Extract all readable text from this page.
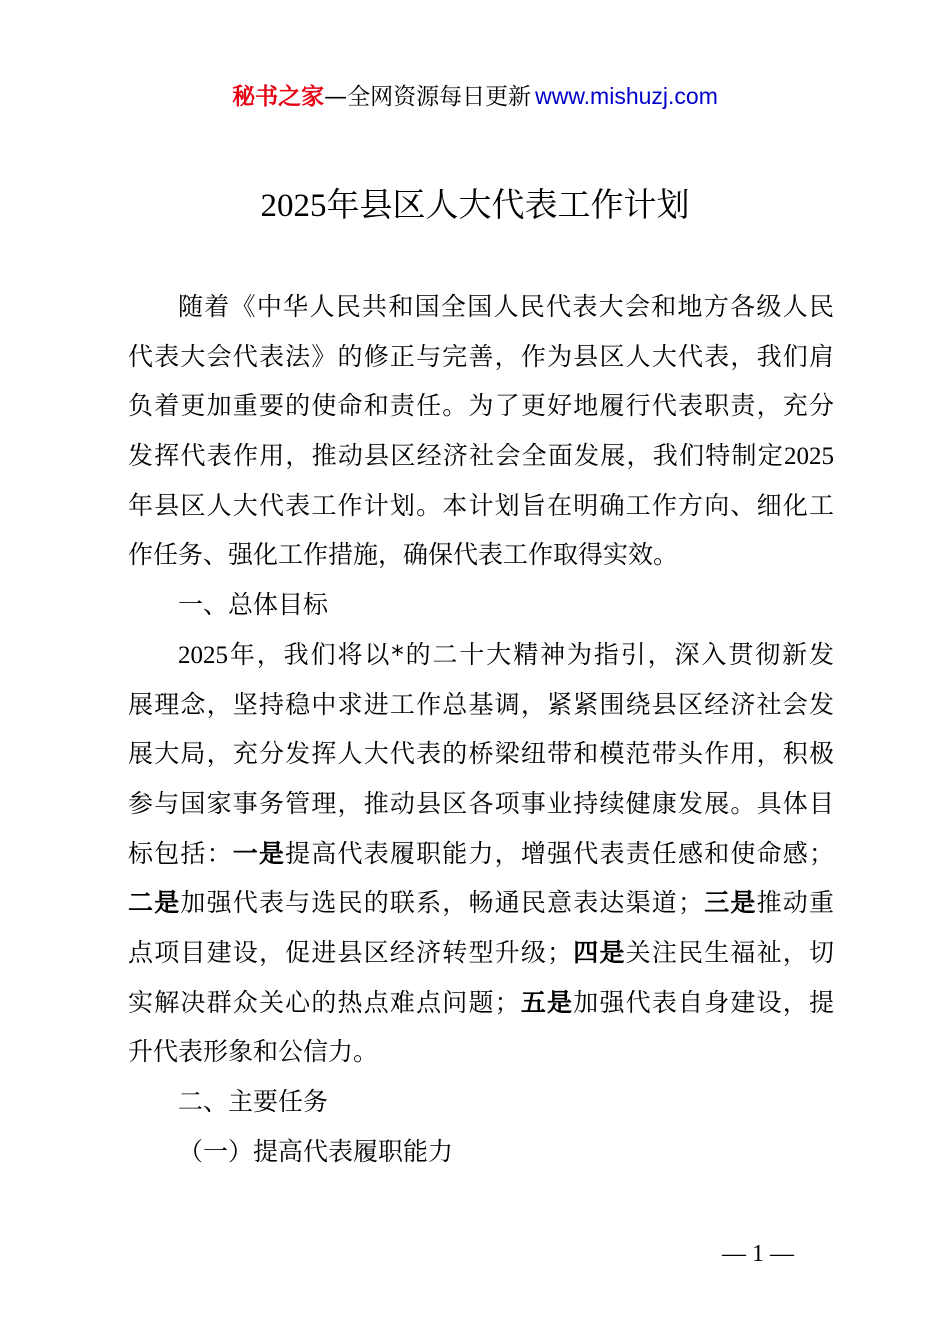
秘书之家—全网资源每日更新 www.mishuzj.com
2025年县区人大代表工作计划
随着《中华人民共和国全国人民代表大会和地方各级人民
代表大会代表法》的修正与完善，作为县区人大代表，我们肩
负着更加重要的使命和责任。为了更好地履行代表职责，充分
发挥代表作用，推动县区经济社会全面发展，我们特制定2025
年县区人大代表工作计划。本计划旨在明确工作方向、细化工
作任务、强化工作措施，确保代表工作取得实效。
一、总体目标
2025年，我们将以*的二十大精神为指引，深入贯彻新发
展理念，坚持稳中求进工作总基调，紧紧围绕县区经济社会发
展大局，充分发挥人大代表的桥梁纽带和模范带头作用，积极
参与国家事务管理，推动县区各项事业持续健康发展。具体目
标包括：一是提高代表履职能力，增强代表责任感和使命感；
二是加强代表与选民的联系，畅通民意表达渠道；三是推动重
点项目建设，促进县区经济转型升级；四是关注民生福祉，切
实解决群众关心的热点难点问题；五是加强代表自身建设，提
升代表形象和公信力。
二、主要任务
（一）提高代表履职能力
— 1 —
